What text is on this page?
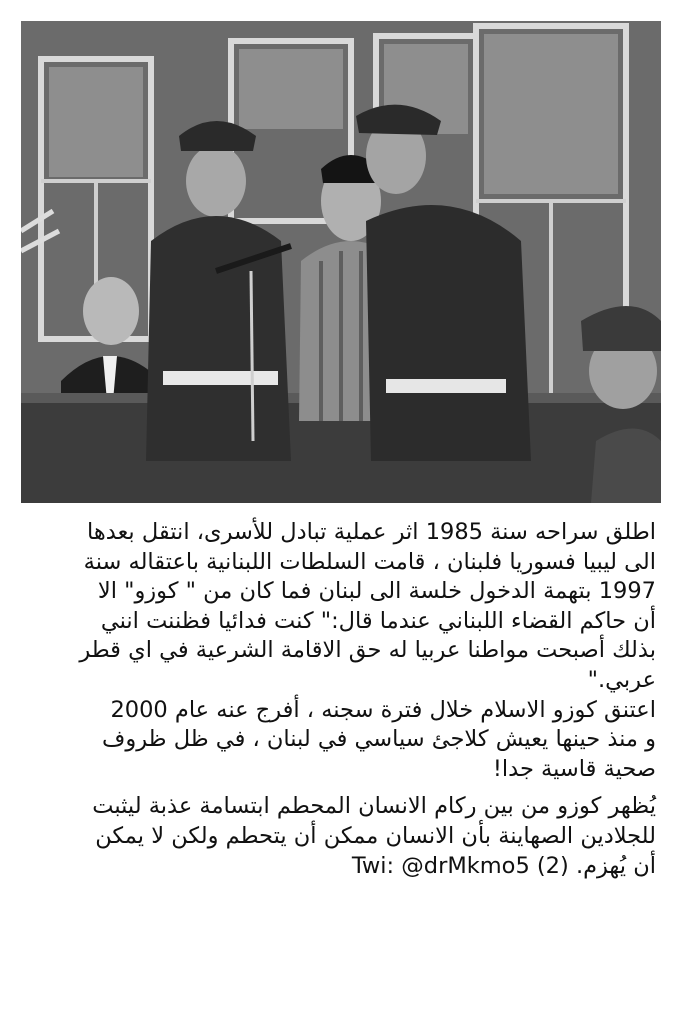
اطلق سراحه سنة 1985 اثر عملية تبادل للأسرى، انتقل بعدها
الى ليبيا فسوريا فلبنان ، قامت السلطات اللبنانية باعتقاله سنة
1997 بتهمة الدخول خلسة الى لبنان فما كان من " كوزو" الا
أن حاكم القضاء اللبناني عندما قال:" كنت فدائيا فظننت انني
بذلك أصبحت مواطنا عربيا له حق الاقامة الشرعية في اي قطر
عربي."

اعتنق كوزو الاسلام خلال فترة سجنه ، أفرج عنه عام 2000
و منذ حينها يعيش كلاجئ سياسي في لبنان ، في ظل ظروف
صحية قاسية جدا!

يُظهر كوزو من بين ركام الانسان المحطم ابتسامة عذبة ليثبت
للجلادين الصهاينة بأن الانسان ممكن أن يتحطم ولكن لا يمكن
أن يُهزم. Twi: @drMkmo5 (2)
